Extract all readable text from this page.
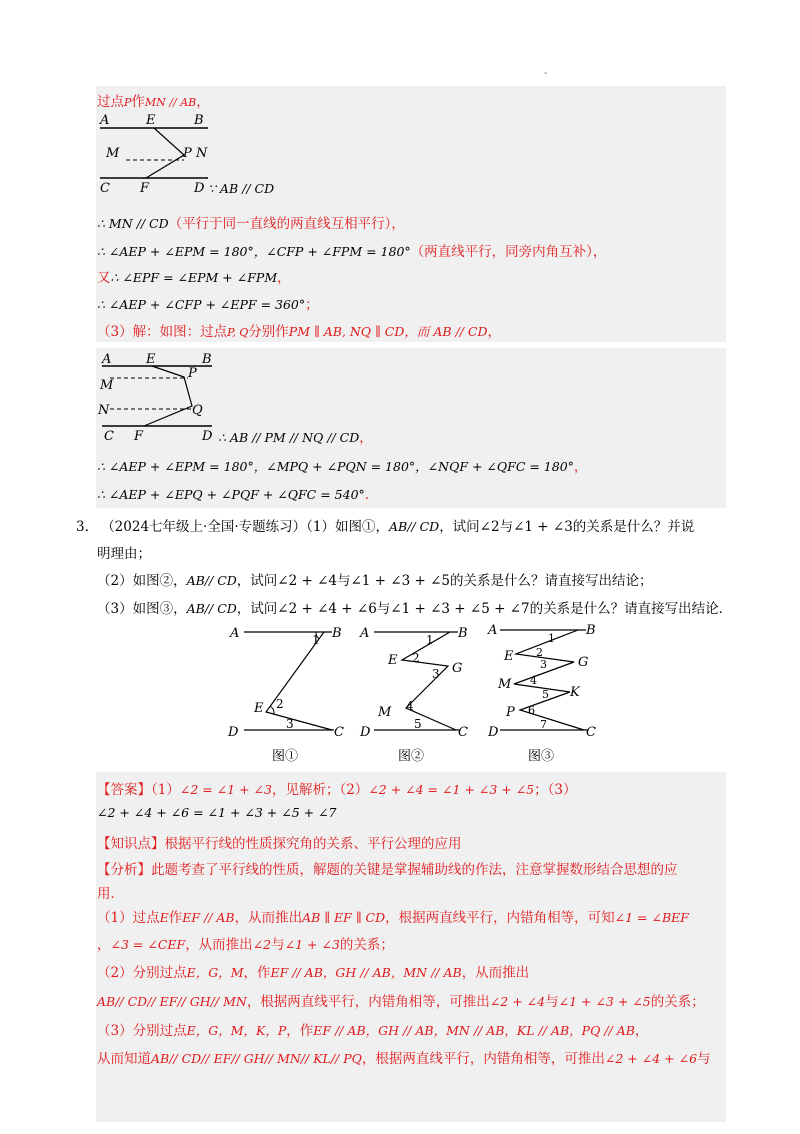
-
过点P作MN // AB，
A	E	B
M	P N
C F	D ∵ AB // CD
∴ MN // CD（平行于同一直线的两直线互相平行），
∴ ∠AEP + ∠EPM = 180°，∠CFP + ∠FPM = 180°（两直线平行，同旁内角互补），
又∴ ∠EPF = ∠EPM + ∠FPM，
∴ ∠AEP + ∠CFP + ∠EPF = 360°；
（3）解：如图：过点P, Q分别作PM ∥ AB, NQ ∥ CD，而 AB // CD，
A	E	B
P
M
N	Q
C F	D ∴ AB // PM // NQ // CD，
∴ ∠AEP + ∠EPM = 180°，∠MPQ + ∠PQN = 180°，∠NQF + ∠QFC = 180°，
∴ ∠AEP + ∠EPQ + ∠PQF + ∠QFC = 540°．
3. （2024七年级上·全国·专题练习）（1）如图①，AB// CD，试问∠2与∠1 + ∠3的关系是什么？并说
明理由；
（2）如图②，AB// CD，试问∠2 + ∠4与∠1 + ∠3 + ∠5的关系是什么？请直接写出结论；
（3）如图③，AB// CD，试问∠2 + ∠4 + ∠6与∠1 + ∠3 + ∠5 + ∠7的关系是什么？请直接写出结论．
A	B
1
E 2
3
D	C
图①
A	B
1
E 2
G
3
M 4
5
D	C
图②
A	B
1
E 2
G
3
M 4
K
5
P 6
7
D	C
图③
【答案】（1）∠2 = ∠1 + ∠3，见解析；（2）∠2 + ∠4 = ∠1 + ∠3 + ∠5；（3）
∠2 + ∠4 + ∠6 = ∠1 + ∠3 + ∠5 + ∠7
【知识点】根据平行线的性质探究角的关系、平行公理的应用
【分析】此题考查了平行线的性质，解题的关键是掌握辅助线的作法，注意掌握数形结合思想的应
用．
（1）过点E作EF // AB，从而推出AB ∥ EF ∥ CD，根据两直线平行，内错角相等，可知∠1 = ∠BEF
，∠3 = ∠CEF，从而推出∠2与∠1 + ∠3的关系；
（2）分别过点E，G，M，作EF // AB，GH // AB，MN // AB，从而推出
AB// CD// EF// GH// MN，根据两直线平行，内错角相等，可推出∠2 + ∠4与∠1 + ∠3 + ∠5的关系；
（3）分别过点E，G，M，K，P，作EF // AB，GH // AB，MN // AB，KL // AB，PQ // AB，
从而知道AB// CD// EF// GH// MN// KL// PQ，根据两直线平行，内错角相等，可推出∠2 + ∠4 + ∠6与
